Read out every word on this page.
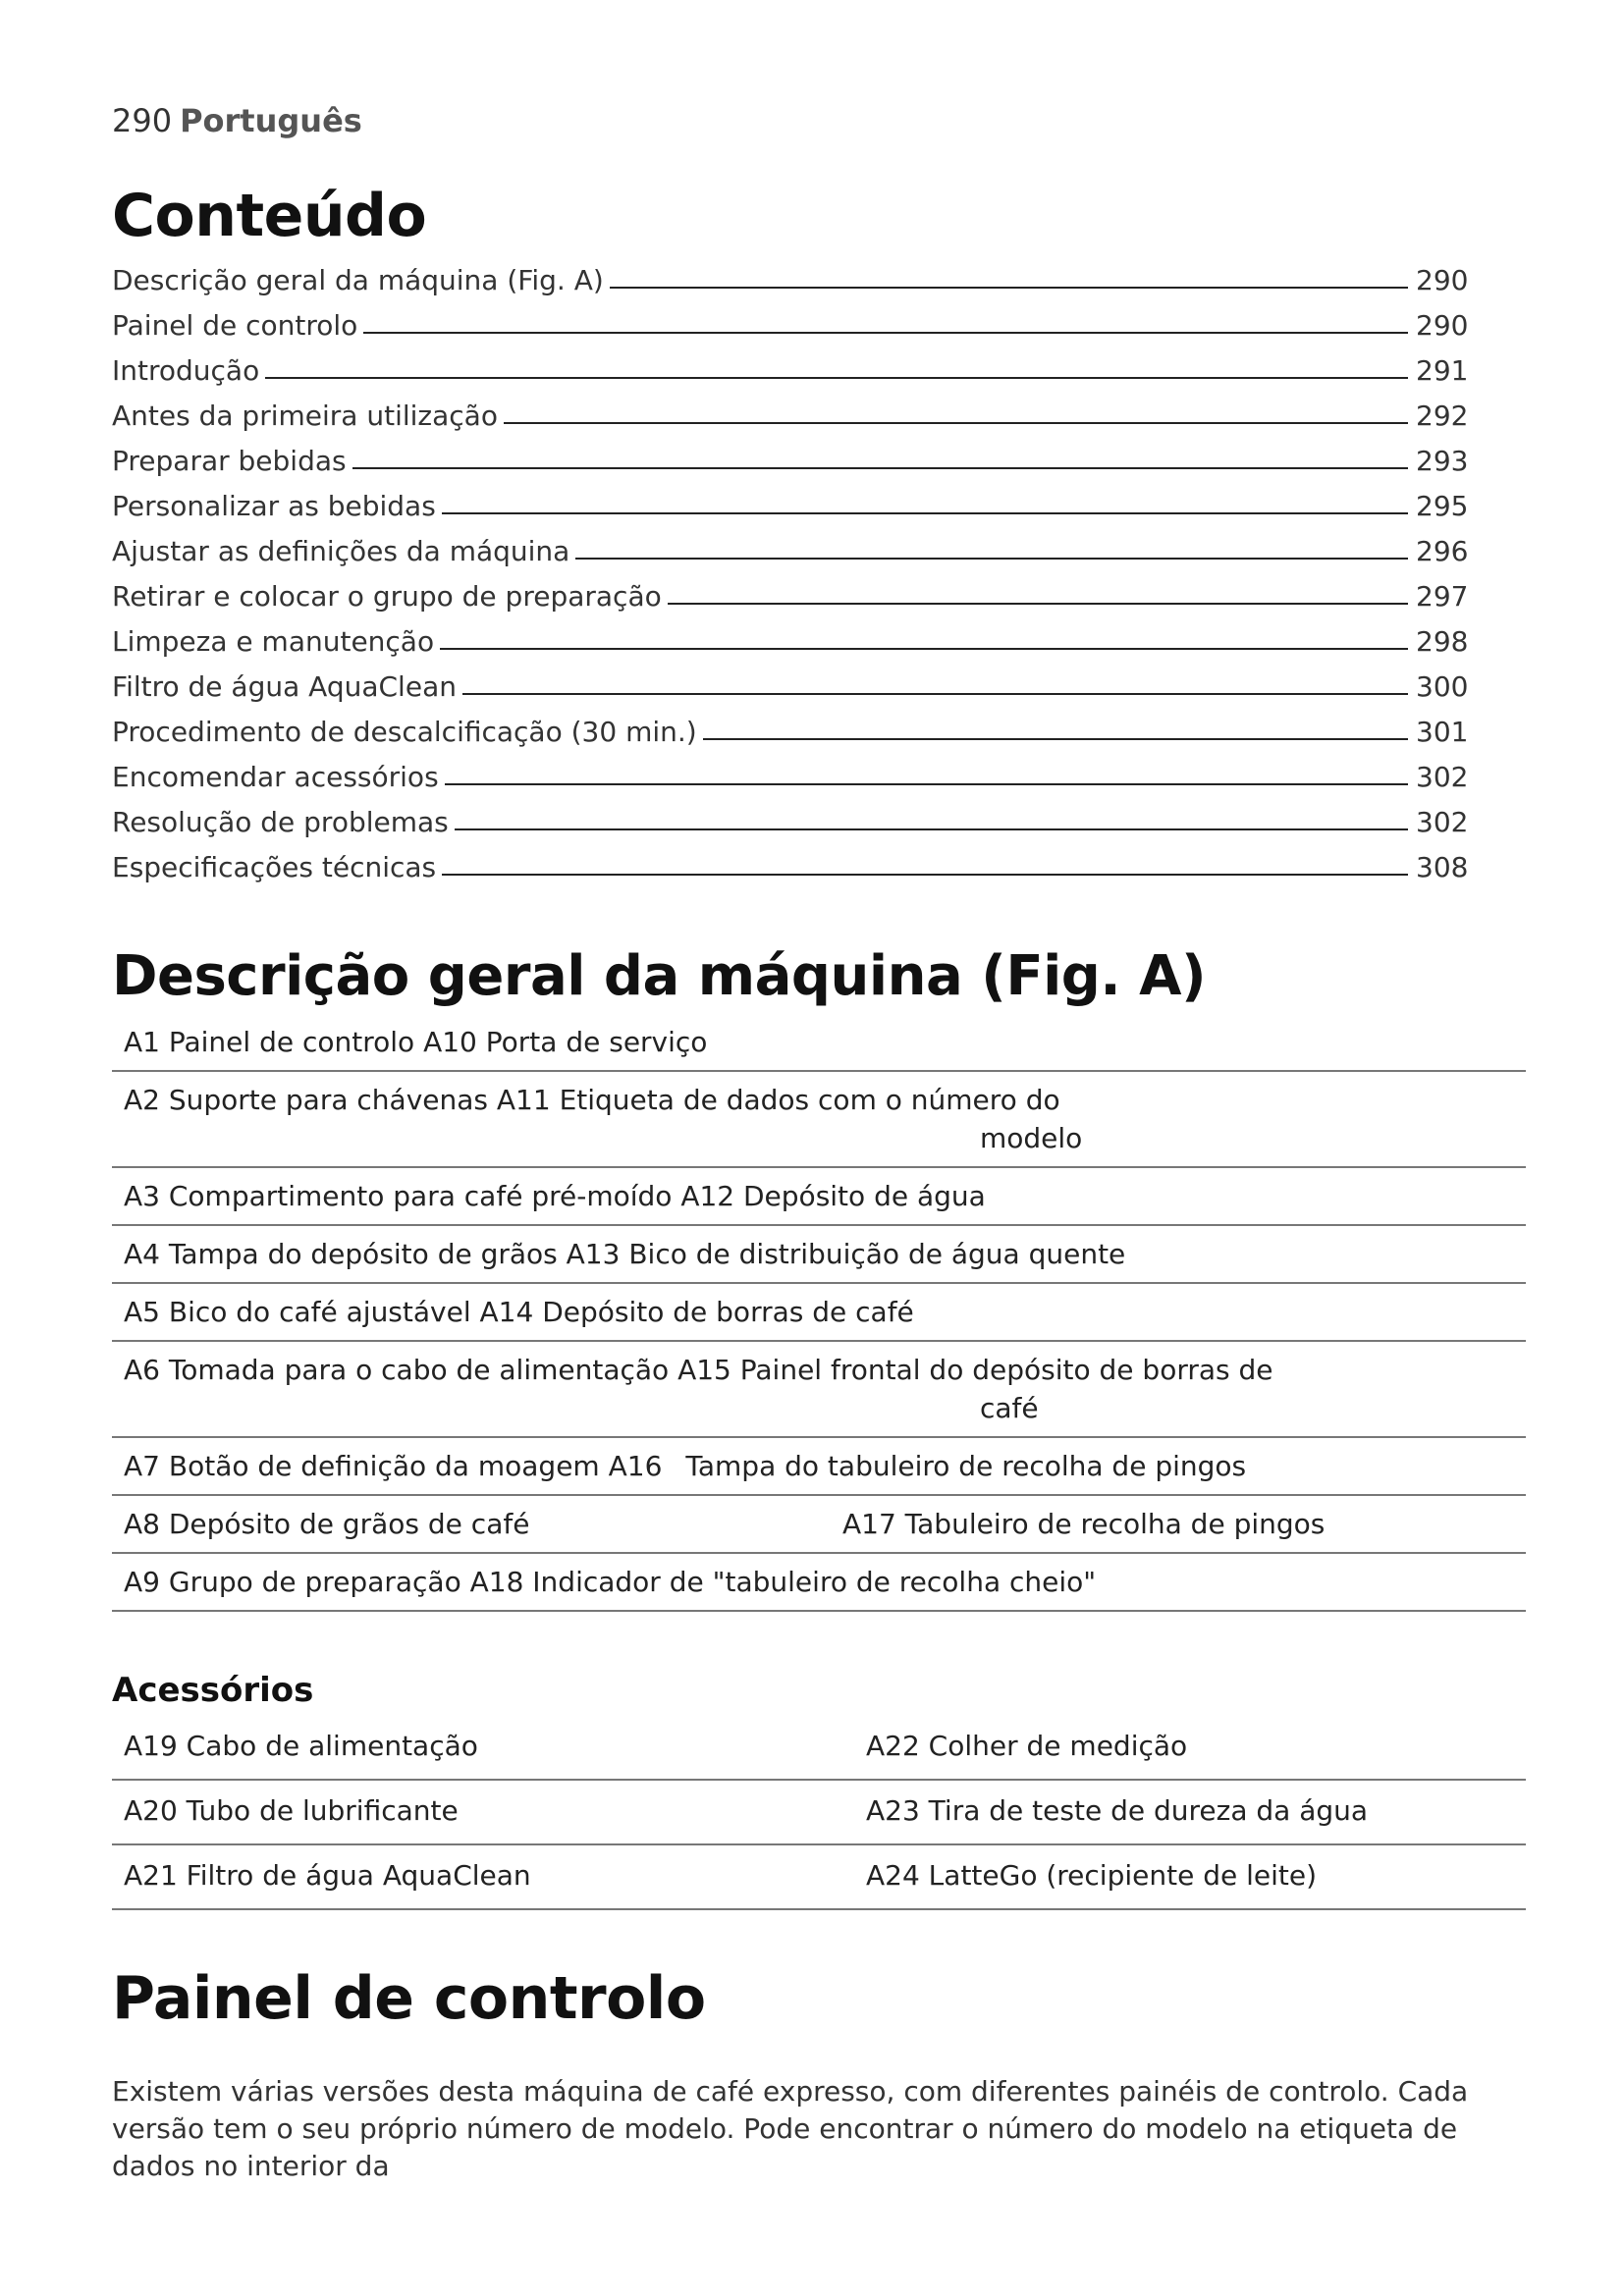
290 Português
Conteúdo
Descrição geral da máquina (Fig. A)	290
Painel de controlo	290
Introdução	291
Antes da primeira utilização	292
Preparar bebidas	293
Personalizar as bebidas	295
Ajustar as definições da máquina	296
Retirar e colocar o grupo de preparação	297
Limpeza e manutenção	298
Filtro de água AquaClean	300
Procedimento de descalcificação (30 min.)	301
Encomendar acessórios	302
Resolução de problemas	302
Especificações técnicas	308
Descrição geral da máquina (Fig. A)
A1 Painel de controlo A10 Porta de serviço
A2 Suporte para chávenas A11 Etiqueta de dados com o número do
modelo
A3 Compartimento para café pré-moído A12 Depósito de água
A4 Tampa do depósito de grãos A13 Bico de distribuição de água quente
A5 Bico do café ajustável A14 Depósito de borras de café
A6 Tomada para o cabo de alimentação A15 Painel frontal do depósito de borras de
café
A7 Botão de definição da moagem A16 Tampa do tabuleiro de recolha de pingos
A8 Depósito de grãos de café	A17 Tabuleiro de recolha de pingos
A9 Grupo de preparação A18 Indicador de "tabuleiro de recolha cheio"
Acessórios
A19 Cabo de alimentação	A22 Colher de medição
A20 Tubo de lubrificante	A23 Tira de teste de dureza da água
A21 Filtro de água AquaClean	A24 LatteGo (recipiente de leite)
Painel de controlo

Existem várias versões desta máquina de café expresso, com diferentes painéis de controlo. Cada versão tem o seu próprio número de modelo. Pode encontrar o número do modelo na etiqueta de dados no interior da
